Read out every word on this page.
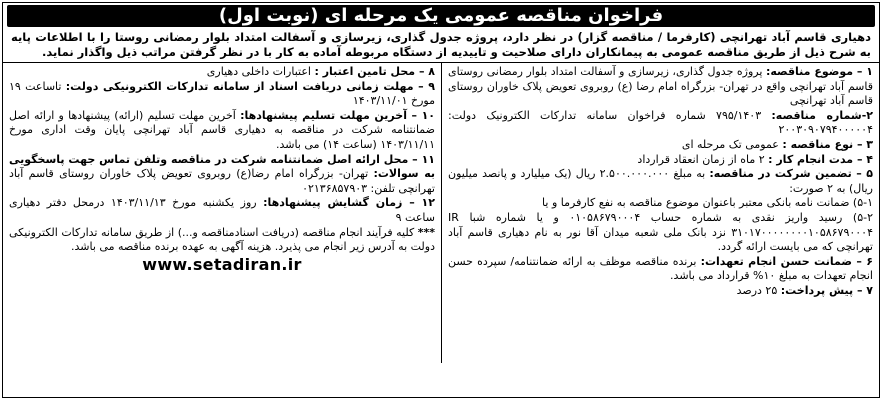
فراخوان مناقصه عمومی یک مرحله ای (نوبت اول)
دهیاری قاسم آباد تهرانچی (کارفرما / مناقصه گزار) در نظر دارد، پروژه جدول گذاری، زیرسازی و آسفالت امتداد بلوار رمضانی روستا را با اطلاعات پایه به شرح ذیل از طریق مناقصه عمومی به پیمانکاران دارای صلاحیت و تاییدیه از دستگاه مربوطه آماده به کار با در نظر گرفتن مراتب ذیل واگذار نماید.

۱ – موضوع مناقصه: پروژه جدول گذاری، زیرسازی و آسفالت امتداد بلوار رمضانی روستای قاسم آباد تهرانچی واقع در تهران- بزرگراه امام رضا (ع) روبروی تعویض پلاک خاوران روستای قاسم آباد تهرانچی

۲-شماره مناقصه: ۷۹۵/۱۴۰۳ شماره فراخوان سامانه تدارکات الکترونیک دولت: ۲۰۰۳۰۹۰۷۹۴۰۰۰۰۰۴

۳ – نوع مناقصه : عمومی تک مرحله ای

۴ – مدت انجام کار : ۲ ماه از زمان انعقاد قرارداد

۵ – تضمین شرکت در مناقصه: به مبلغ ۲.۵۰۰.۰۰۰.۰۰۰ ریال (یک میلیارد و پانصد میلیون ریال) به ۲ صورت:

۵-۱) ضمانت نامه بانکی معتبر باعنوان موضوع مناقصه به نفع کارفرما و یا

۵-۲) رسید واریز نقدی به شماره حساب ۰۱۰۵۸۶۷۹۰۰۰۴ و یا شماره شبا IR ۳۱۰۱۷۰۰۰۰۰۰۰۰۱۰۵۸۶۷۹۰۰۰۴ نزد بانک ملی شعبه میدان آقا نور به نام دهیاری قاسم آباد تهرانچی که می بایست ارائه گردد.

۶ – ضمانت حسن انجام تعهدات: برنده مناقصه موظف به ارائه ضمانتنامه/ سپرده حسن انجام تعهدات به مبلغ ۱۰% قرارداد می باشد.

۷ – پیش پرداخت: ۲۵ درصد

۸ – محل تامین اعتبار : اعتبارات داخلی دهیاری

۹ – مهلت زمانی دریافت اسناد از سامانه تدارکات الکترونیکی دولت: تاساعت ۱۹ مورخ ۱۴۰۳/۱۱/۰۱

۱۰ – آخرین مهلت تسلیم پیشنهادها: آخرین مهلت تسلیم (ارائه) پیشنهادها و ارائه اصل ضمانتنامه شرکت در مناقصه به دهیاری قاسم آباد تهرانچی پایان وقت اداری مورخ ۱۴۰۳/۱۱/۱۱ (ساعت ۱۴) می باشد.

۱۱ – محل ارائه اصل ضمانتنامه شرکت در مناقصه وتلفن تماس جهت پاسخگویی به سوالات: تهران- بزرگراه امام رضا(ع) روبروی تعویض پلاک خاوران روستای قاسم آباد تهرانچی تلفن: ۰۲۱۳۶۸۵۷۹۰۳

۱۲ – زمان گشایش پیشنهادها: روز یکشنبه مورخ ۱۴۰۳/۱۱/۱۳ درمحل دفتر دهیاری ساعت ۹

*** کلیه فرآیند انجام مناقصه (دریافت اسنادمناقصه و...) از طریق سامانه تدارکات الکترونیکی دولت به آدرس زیر انجام می پذیرد. هزینه آگهی به عهده برنده مناقصه می باشد.

www.setadiran.ir
